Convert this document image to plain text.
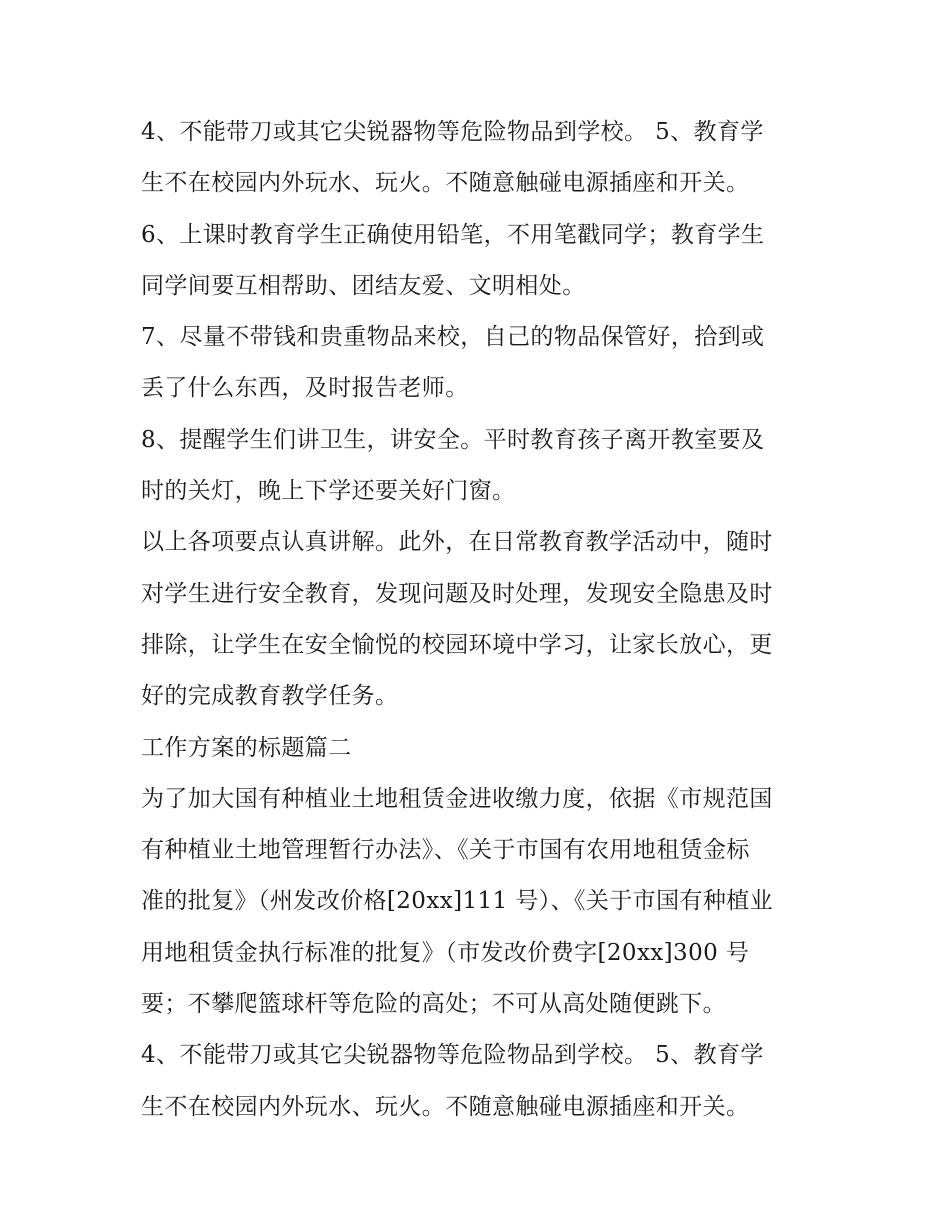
4、不能带刀或其它尖锐器物等危险物品到学校。 5、教育学
生不在校园内外玩水、玩火。不随意触碰电源插座和开关。
6、上课时教育学生正确使用铅笔，不用笔戳同学；教育学生
同学间要互相帮助、团结友爱、文明相处。
7、尽量不带钱和贵重物品来校，自己的物品保管好，拾到或
丢了什么东西，及时报告老师。
8、提醒学生们讲卫生，讲安全。平时教育孩子离开教室要及
时的关灯，晚上下学还要关好门窗。
以上各项要点认真讲解。此外，在日常教育教学活动中，随时
对学生进行安全教育，发现问题及时处理，发现安全隐患及时
排除，让学生在安全愉悦的校园环境中学习，让家长放心，更
好的完成教育教学任务。
工作方案的标题篇二
为了加大国有种植业土地租赁金进收缴力度，依据《市规范国
有种植业土地管理暂行办法》、《关于市国有农用地租赁金标
准的批复》（州发改价格[20xx]111 号）、《关于市国有种植业
用地租赁金执行标准的批复》（市发改价费字[20xx]300 号
要；不攀爬篮球杆等危险的高处；不可从高处随便跳下。
4、不能带刀或其它尖锐器物等危险物品到学校。 5、教育学
生不在校园内外玩水、玩火。不随意触碰电源插座和开关。
